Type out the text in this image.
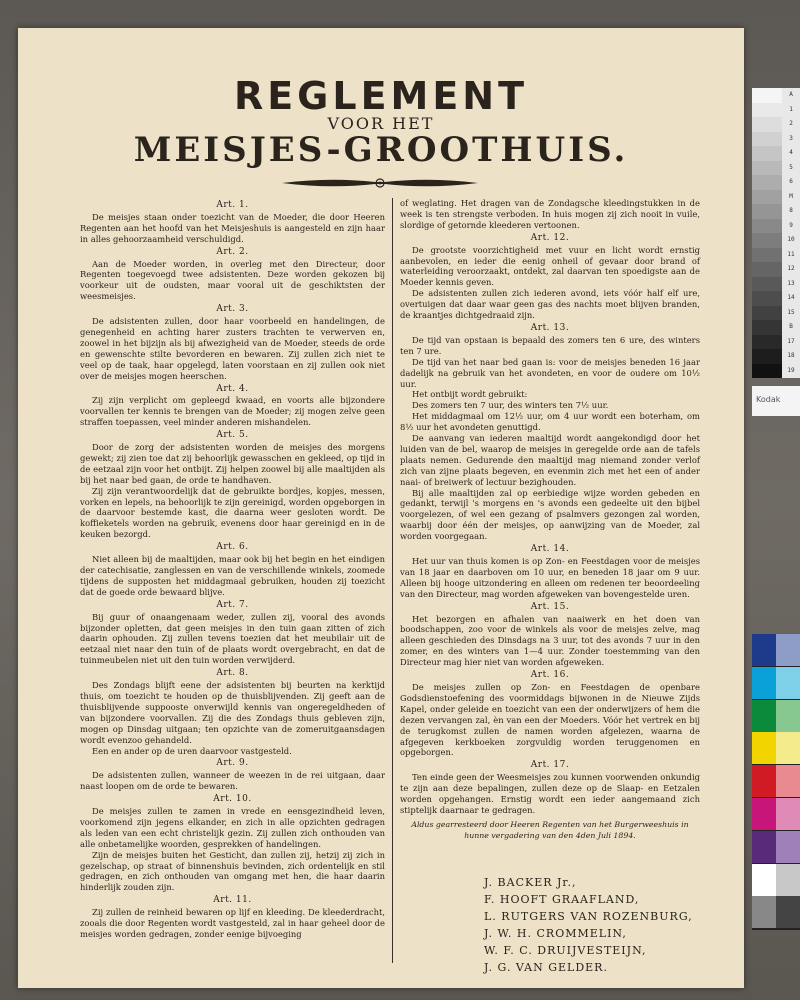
REGLEMENT
VOOR HET
MEISJES-GROOTHUIS.
Art. 1.

De meisjes staan onder toezicht van de Moeder, die door Heeren Regenten aan het hoofd van het Meisjeshuis is aangesteld en zijn haar in alles gehoorzaamheid verschuldigd.

Art. 2.

Aan de Moeder worden, in overleg met den Directeur, door Regenten toegevoegd twee adsistenten. Deze worden gekozen bij voorkeur uit de oudsten, maar vooral uit de geschiktsten der weesmeisjes.

Art. 3.

De adsistenten zullen, door haar voorbeeld en handelingen, de genegenheid en achting harer zusters trachten te verwerven en, zoowel in het bijzijn als bij afwezigheid van de Moeder, steeds de orde en gewenschte stilte bevorderen en bewaren. Zij zullen zich niet te veel op de taak, haar opgelegd, laten voorstaan en zij zullen ook niet over de meisjes mogen heerschen.

Art. 4.

Zij zijn verplicht om gepleegd kwaad, en voorts alle bijzondere voorvallen ter kennis te brengen van de Moeder; zij mogen zelve geen straffen toepassen, veel minder anderen mishandelen.

Art. 5.

Door de zorg der adsistenten worden de meisjes des morgens gewekt; zij zien toe dat zij behoorlijk gewasschen en gekleed, op tijd in de eetzaal zijn voor het ontbijt. Zij helpen zoowel bij alle maaltijden als bij het naar bed gaan, de orde te handhaven.

Zij zijn verantwoordelijk dat de gebruikte bordjes, kopjes, messen, vorken en lepels, na behoorlijk te zijn gereinigd, worden opgeborgen in de daarvoor bestemde kast, die daarna weer gesloten wordt. De koffieketels worden na gebruik, evenens door haar gereinigd en in de keuken bezorgd.

Art. 6.

Niet alleen bij de maaltijden, maar ook bij het begin en het eindigen der catechisatie, zanglessen en van de verschillende winkels, zoomede tijdens de supposten het middagmaal gebruiken, houden zij toezicht dat de goede orde bewaard blijve.

Art. 7.

Bij guur of onaangenaam weder, zullen zij, vooral des avonds bijzonder opletten, dat geen meisjes in den tuin gaan zitten of zich daarin ophouden. Zij zullen tevens toezien dat het meubilair uit de eetzaal niet naar den tuin of de plaats wordt overgebracht, en dat de tuinmeubelen niet uit den tuin worden verwijderd.

Art. 8.

Des Zondags blijft eene der adsistenten bij beurten na kerktijd thuis, om toezicht te houden op de thuisblijvenden. Zij geeft aan de thuisblijvende suppooste onverwijld kennis van ongeregeldheden of van bijzondere voorvallen. Zij die des Zondags thuis gebleven zijn, mogen op Dinsdag uitgaan; ten opzichte van de zomeruitgaansdagen wordt evenzoo gehandeld.

Een en ander op de uren daarvoor vastgesteld.

Art. 9.

De adsistenten zullen, wanneer de weezen in de rei uitgaan, daar naast loopen om de orde te bewaren.

Art. 10.

De meisjes zullen te zamen in vrede en eensgezindheid leven, voorkomend zijn jegens elkander, en zich in alle opzichten gedragen als leden van een echt christelijk gezin. Zij zullen zich onthouden van alle onbetamelijke woorden, gesprekken of handelingen.

Zijn de meisjes buiten het Gesticht, dan zullen zij, hetzij zij zich in gezelschap, op straat of binnenshuis bevinden, zich ordentelijk en stil gedragen, en zich onthouden van omgang met hen, die haar daarin hinderlijk zouden zijn.

Art. 11.

Zij zullen de reinheid bewaren op lijf en kleeding. De kleederdracht, zooals die door Regenten wordt vastgesteld, zal in haar geheel door de meisjes worden gedragen, zonder eenige bijvoeging

of weglating. Het dragen van de Zondagsche kleedingstukken in de week is ten strengste verboden. In huis mogen zij zich nooit in vuile, slordige of getornde kleederen vertoonen.

Art. 12.

De grootste voorzichtigheid met vuur en licht wordt ernstig aanbevolen, en ieder die eenig onheil of gevaar door brand of waterleiding veroorzaakt, ontdekt, zal daarvan ten spoedigste aan de Moeder kennis geven.

De adsistenten zullen zich iederen avond, iets vóór half elf ure, overtuigen dat daar waar geen gas des nachts moet blijven branden, de kraantjes dichtgedraaid zijn.

Art. 13.

De tijd van opstaan is bepaald des zomers ten 6 ure, des winters ten 7 ure.

De tijd van het naar bed gaan is: voor de meisjes beneden 16 jaar dadelijk na gebruik van het avondeten, en voor de oudere om 10½ uur.

Het ontbijt wordt gebruikt:

Des zomers ten 7 uur, des winters ten 7½ uur.

Het middagmaal om 12½ uur, om 4 uur wordt een boterham, om 8½ uur het avondeten genuttigd.

De aanvang van iederen maaltijd wordt aangekondigd door het luiden van de bel, waarop de meisjes in geregelde orde aan de tafels plaats nemen. Gedurende den maaltijd mag niemand zonder verlof zich van zijne plaats begeven, en evenmin zich met het een of ander naai- of breiwerk of lectuur bezighouden.

Bij alle maaltijden zal op eerbiedige wijze worden gebeden en gedankt, terwijl 's morgens en 's avonds een gedeelte uit den bijbel voorgelezen, of wel een gezang of psalmvers gezongen zal worden, waarbij door één der meisjes, op aanwijzing van de Moeder, zal worden voorgegaan.

Art. 14.

Het uur van thuis komen is op Zon- en Feestdagen voor de meisjes van 18 jaar en daarboven om 10 uur, en beneden 18 jaar om 9 uur. Alleen bij hooge uitzondering en alleen om redenen ter beoordeeling van den Directeur, mag worden afgeweken van bovengestelde uren.

Art. 15.

Het bezorgen en afhalen van naaiwerk en het doen van boodschappen, zoo voor de winkels als voor de meisjes zelve, mag alleen geschieden des Dinsdags na 3 uur, tot des avonds 7 uur in den zomer, en des winters van 1—4 uur. Zonder toestemming van den Directeur mag hier niet van worden afgeweken.

Art. 16.

De meisjes zullen op Zon- en Feestdagen de openbare Godsdienstoefening des voormiddags bijwonen in de Nieuwe Zijds Kapel, onder geleide en toezicht van een der onderwijzers of hem die dezen vervangen zal, èn van een der Moeders. Vóór het vertrek en bij de terugkomst zullen de namen worden afgelezen, waarna de afgegeven kerkboeken zorgvuldig worden teruggenomen en opgeborgen.

Art. 17.

Ten einde geen der Weesmeisjes zou kunnen voorwenden onkundig te zijn aan deze bepalingen, zullen deze op de Slaap- en Eetzalen worden opgehangen. Ernstig wordt een ieder aangemaand zich stiptelijk daarnaar te gedragen.

Aldus gearresteerd door Heeren Regenten van het Burgerweeshuis in hunne vergadering van den 4den Juli 1894.
J. BACKER Jr.,
F. HOOFT GRAAFLAND,
L. RUTGERS VAN ROZENBURG,
J. W. H. CROMMELIN,
W. F. C. DRUIJVESTEIJN,
J. G. VAN GELDER.
A
1
2
3
4
5
6
M
8
9
10
11
12
13
14
15
B
17
18
19
Kodak
